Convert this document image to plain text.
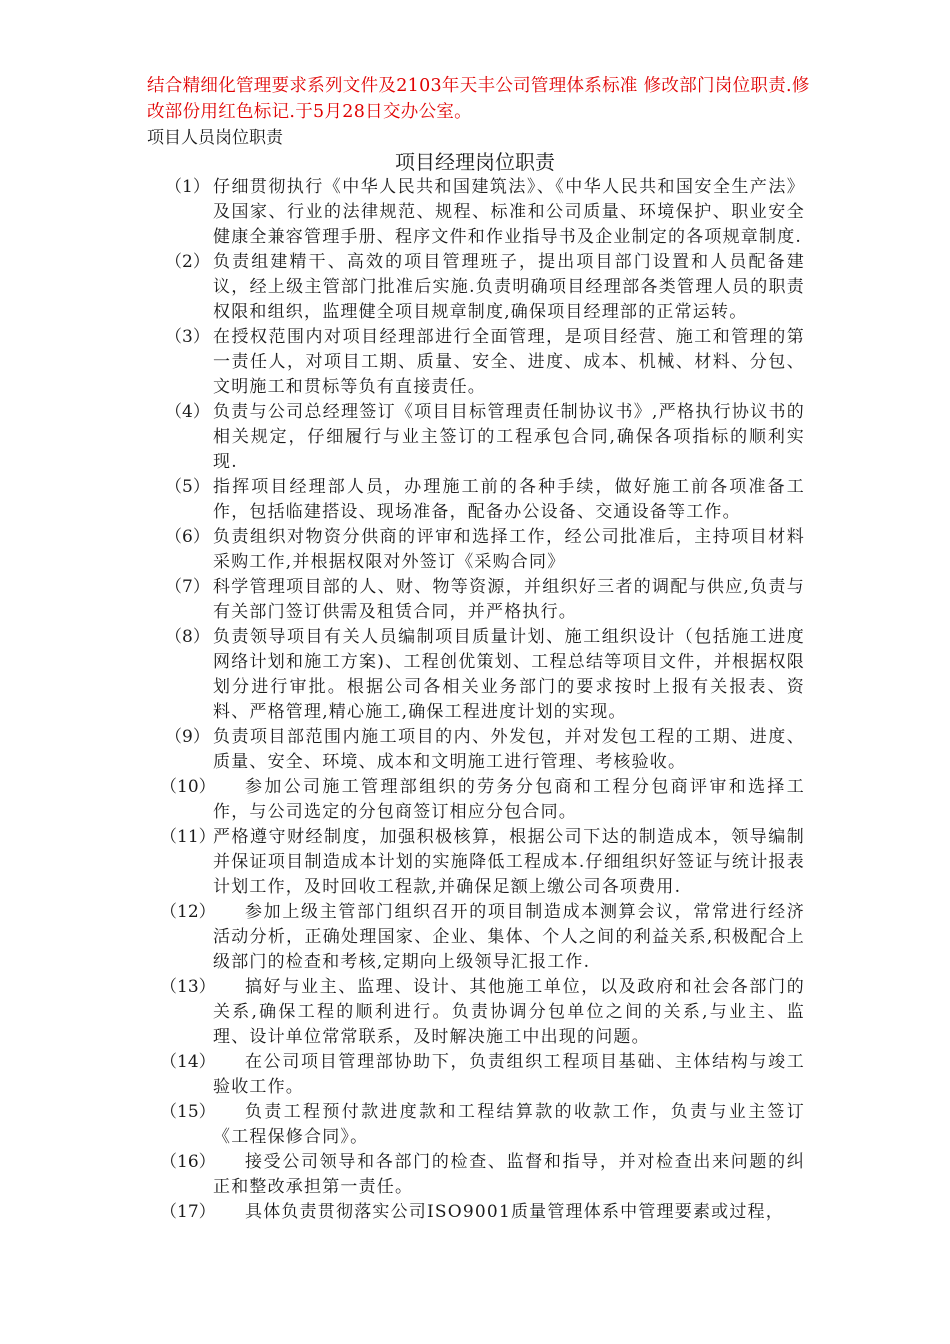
结合精细化管理要求系列文件及2103年天丰公司管理体系标准 修改部门岗位职责.修改部份用红色标记.于5月28日交办公室。
项目人员岗位职责
项目经理岗位职责
（1） 仔细贯彻执行《中华人民共和国建筑法》、《中华人民共和国安全生产法》及国家、行业的法律规范、规程、标准和公司质量、环境保护、职业安全健康全兼容管理手册、程序文件和作业指导书及企业制定的各项规章制度.
（2） 负责组建精干、高效的项目管理班子，提出项目部门设置和人员配备建议，经上级主管部门批准后实施.负责明确项目经理部各类管理人员的职责权限和组织，监理健全项目规章制度,确保项目经理部的正常运转。
（3） 在授权范围内对项目经理部进行全面管理，是项目经营、施工和管理的第一责任人，对项目工期、质量、安全、进度、成本、机械、材料、分包、文明施工和贯标等负有直接责任。
（4） 负责与公司总经理签订《项目目标管理责任制协议书》,严格执行协议书的相关规定，仔细履行与业主签订的工程承包合同,确保各项指标的顺利实现.
（5） 指挥项目经理部人员，办理施工前的各种手续，做好施工前各项准备工作，包括临建搭设、现场准备，配备办公设备、交通设备等工作。
（6） 负责组织对物资分供商的评审和选择工作，经公司批准后，主持项目材料采购工作,并根据权限对外签订《采购合同》
（7） 科学管理项目部的人、财、物等资源，并组织好三者的调配与供应,负责与有关部门签订供需及租赁合同，并严格执行。
（8） 负责领导项目有关人员编制项目质量计划、施工组织设计（包括施工进度网络计划和施工方案)、工程创优策划、工程总结等项目文件，并根据权限划分进行审批。根据公司各相关业务部门的要求按时上报有关报表、资料、严格管理,精心施工,确保工程进度计划的实现。
（9） 负责项目部范围内施工项目的内、外发包，并对发包工程的工期、进度、质量、安全、环境、成本和文明施工进行管理、考核验收。
（10）	参加公司施工管理部组织的劳务分包商和工程分包商评审和选择工作，与公司选定的分包商签订相应分包合同。
（11）
严格遵守财经制度，加强积极核算，根据公司下达的制造成本，领导编制并保证项目制造成本计划的实施降低工程成本.仔细组织好签证与统计报表计划工作，及时回收工程款,并确保足额上缴公司各项费用.
（12）	参加上级主管部门组织召开的项目制造成本测算会议，常常进行经济活动分析，正确处理国家、企业、集体、个人之间的利益关系,积极配合上级部门的检查和考核,定期向上级领导汇报工作.
（13）	搞好与业主、监理、设计、其他施工单位，以及政府和社会各部门的关系,确保工程的顺利进行。负责协调分包单位之间的关系,与业主、监理、设计单位常常联系，及时解决施工中出现的问题。
（14）	在公司项目管理部协助下，负责组织工程项目基础、主体结构与竣工验收工作。
（15）	负责工程预付款进度款和工程结算款的收款工作，负责与业主签订《工程保修合同》。
（16）	接受公司领导和各部门的检查、监督和指导，并对检查出来问题的纠正和整改承担第一责任。
（17）	具体负责贯彻落实公司ISO9001质量管理体系中管理要素或过程，
